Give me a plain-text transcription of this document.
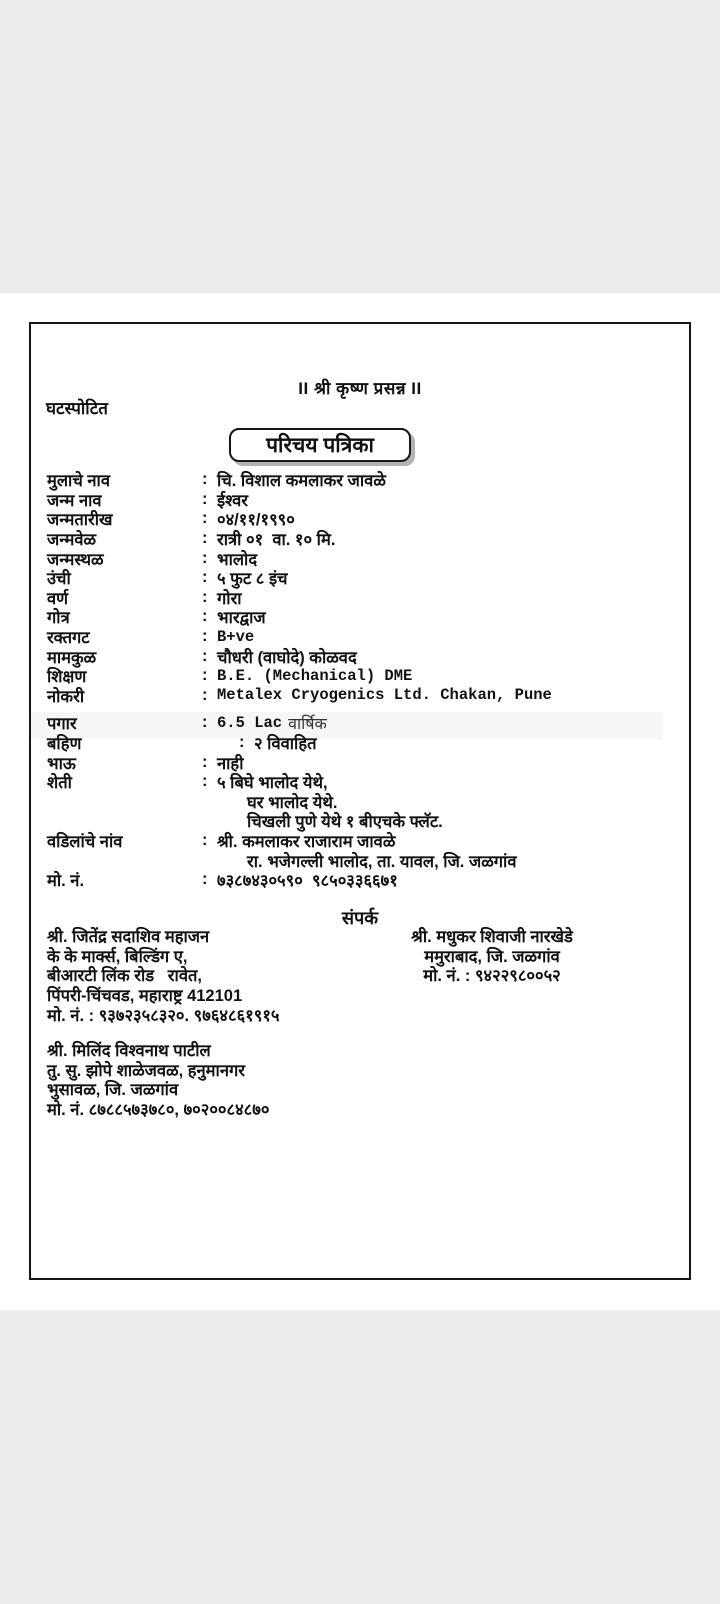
II श्री कृष्ण प्रसन्न II
घटस्पोटित
परिचय पत्रिका
मुलाचे नाव	: चि. विशाल कमलाकर जावळे
जन्म नाव	: ईश्वर
जन्मतारीख	: ०४/११/१९९०
जन्मवेळ	: रात्री ०१  वा. १० मि.
जन्मस्थळ	: भालोद
उंची	: ५ फुट ८ इंच
वर्ण	: गोरा
गोत्र	: भारद्वाज
रक्तगट	: B+ve
मामकुळ	: चौधरी (वाघोदे) कोळवद
शिक्षण	: B.E. (Mechanical) DME
नोकरी	: Metalex Cryogenics Ltd. Chakan, Pune
पगार	: 6.5 Lac वार्षिक
बहिण	: २ विवाहित
भाऊ	: नाही
शेती	: ५ बिघे भालोद येथे,
घर भालोद येथे.
चिखली पुणे येथे १ बीएचके फ्लॅट.
वडिलांचे नांव	: श्री. कमलाकर राजाराम जावळे
रा. भजेगल्ली भालोद, ता. यावल, जि. जळगांव
मो. नं.	: ७३८७४३०५९०  ९८५०३३६६७१
संपर्क
श्री. जितेंद्र सदाशिव महाजन
के के मार्क्स, बिल्डिंग ए,
बीआरटी लिंक रोड   रावेत,
पिंपरी-चिंचवड, महाराष्ट्र 412101
मो. नं. : ९३७२३५८३२०. ९७६४८६१९१५
श्री. मधुकर शिवाजी नारखेडे
ममुराबाद, जि. जळगांव
मो. नं. : ९४२२९८००५२
श्री. मिलिंद विश्वनाथ पाटील
तु. सु. झोपे शाळेजवळ, हनुमानगर
भुसावळ, जि. जळगांव
मो. नं. ८७८८५७३७८०, ७०२००८४८७०
